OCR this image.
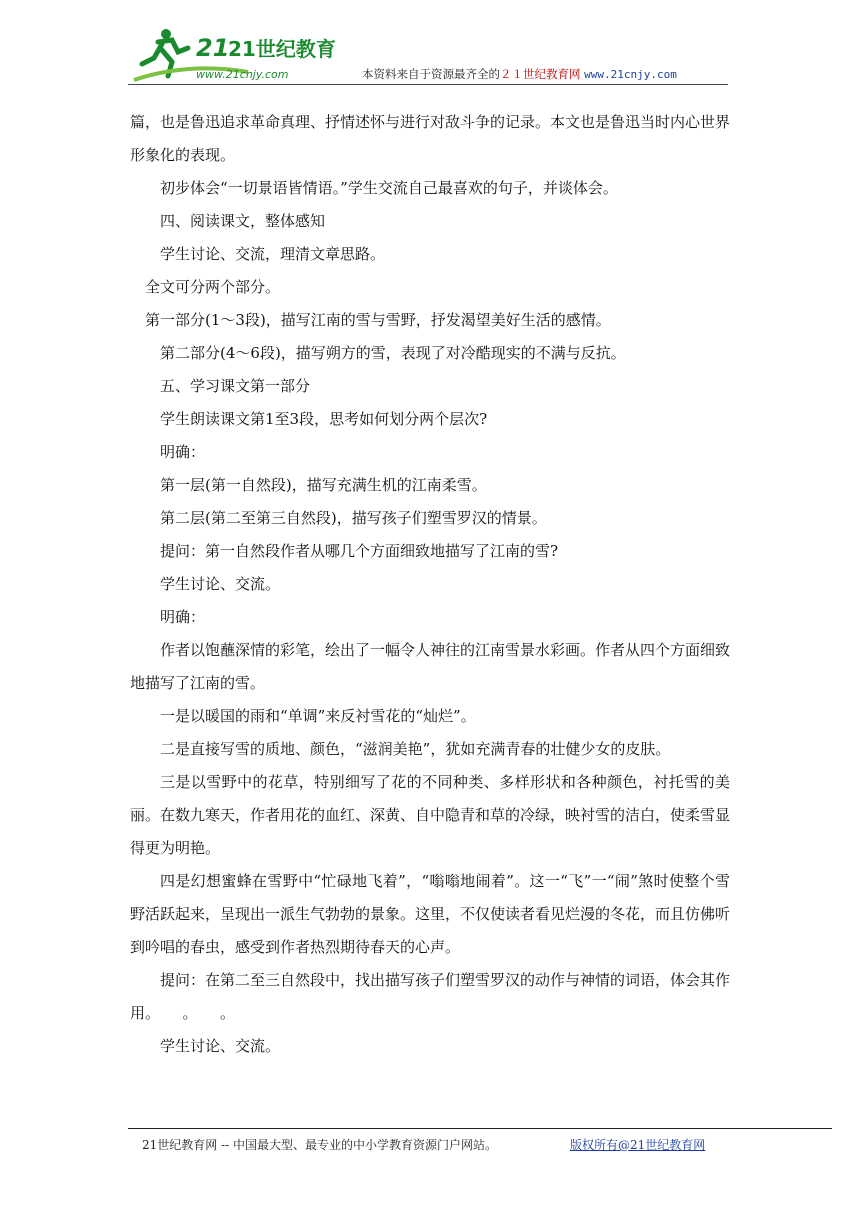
21
21世纪教育
www.21cnjy.com	本资料来自于资源最齐全的２１世纪教育网 www.21cnjy.com

篇，也是鲁迅追求革命真理、抒情述怀与进行对敌斗争的记录。本文也是鲁迅当时内心世界形象化的表现。

初步体会“一切景语皆情语。”学生交流自己最喜欢的句子，并谈体会。

四、阅读课文，整体感知

学生讨论、交流，理清文章思路。

全文可分两个部分。

第一部分(1～3段)，描写江南的雪与雪野，抒发渴望美好生活的感情。

第二部分(4～6段)，描写朔方的雪，表现了对冷酷现实的不满与反抗。

五、学习课文第一部分

学生朗读课文第1至3段，思考如何划分两个层次?

明确：

第一层(第一自然段)，描写充满生机的江南柔雪。

第二层(第二至第三自然段)，描写孩子们塑雪罗汉的情景。

提问：第一自然段作者从哪几个方面细致地描写了江南的雪?

学生讨论、交流。

明确：

作者以饱蘸深情的彩笔，绘出了一幅令人神往的江南雪景水彩画。作者从四个方面细致地描写了江南的雪。

一是以暖国的雨和“单调”来反衬雪花的“灿烂”。

二是直接写雪的质地、颜色，“滋润美艳”，犹如充满青春的壮健少女的皮肤。

三是以雪野中的花草，特别细写了花的不同种类、多样形状和各种颜色，衬托雪的美丽。在数九寒天，作者用花的血红、深黄、自中隐青和草的冷绿，映衬雪的洁白，使柔雪显得更为明艳。

四是幻想蜜蜂在雪野中“忙碌地飞着”，“嗡嗡地闹着”。这一“飞”一“闹”煞时使整个雪野活跃起来，呈现出一派生气勃勃的景象。这里，不仅使读者看见烂漫的冬花，而且仿佛听到吟唱的春虫，感受到作者热烈期待春天的心声。

提问：在第二至三自然段中，找出描写孩子们塑雪罗汉的动作与神情的词语，体会其作用。　　。　　。

学生讨论、交流。

21世纪教育网 -- 中国最大型、最专业的中小学教育资源门户网站。	版权所有@21世纪教育网
